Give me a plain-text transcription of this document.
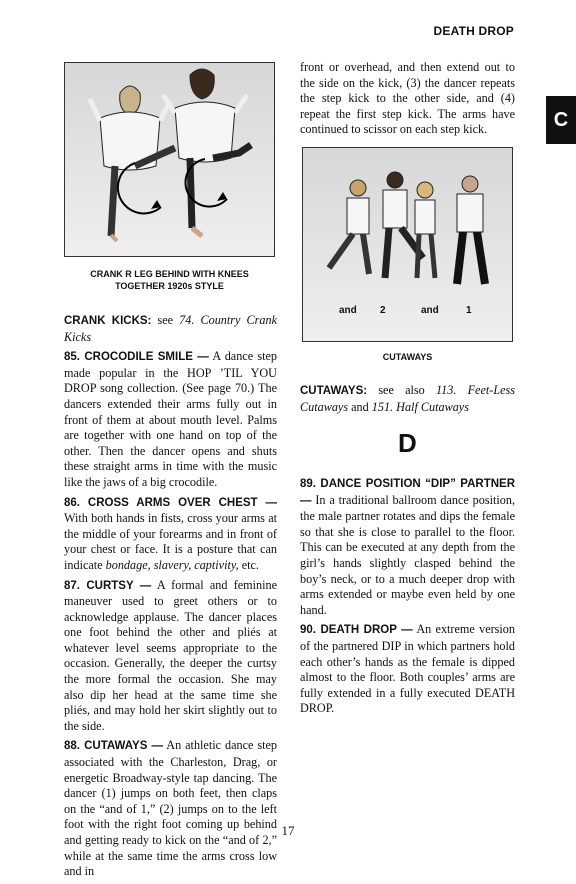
DEATH DROP
C
CRANK R LEG BEHIND WITH KNEES
TOGETHER 1920s STYLE

CRANK KICKS: see 74. Country Crank Kicks

85. CROCODILE SMILE — A dance step made popular in the HOP ’TIL YOU DROP song collection. (See page 70.) The dancers extended their arms fully out in front of them at about mouth level. Palms are together with one hand on top of the other. Then the dancer opens and shuts these straight arms in time with the music like the jaws of a big crocodile.

86. CROSS ARMS OVER CHEST — With both hands in fists, cross your arms at the middle of your forearms and in front of your chest or face. It is a posture that can indicate bondage, slavery, captivity, etc.

87. CURTSY — A formal and feminine maneuver used to greet others or to acknowledge applause. The dancer places one foot behind the other and pliés at whatever level seems appropriate to the occasion. Generally, the deeper the curtsy the more formal the occasion. She may also dip her head at the same time she pliés, and may hold her skirt slightly out to the side.

88. CUTAWAYS — An athletic dance step associated with the Charleston, Drag, or energetic Broadway-style tap dancing. The dancer (1) jumps on both feet, then claps on the “and of 1,” (2) jumps on to the left foot with the right foot coming up behind and getting ready to kick on the “and of 2,” while at the same time the arms cross low and in

front or overhead, and then extend out to the side on the kick, (3) the dancer repeats the step kick to the other side, and (4) repeat the first step kick. The arms have continued to scissor on each step kick.
and 2	and	1
CUTAWAYS
CUTAWAYS: see also 113. Feet-Less Cutaways and 151. Half Cutaways
D

89. DANCE POSITION “DIP” PARTNER — In a traditional ballroom dance position, the male partner rotates and dips the female so that she is close to parallel to the floor. This can be executed at any depth from the girl’s hands slightly clasped behind the boy’s neck, or to a much deeper drop with arms extended or maybe even held by one hand.

90. DEATH DROP — An extreme version of the partnered DIP in which partners hold each other’s hands as the female is dipped almost to the floor. Both couples’ arms are fully extended in a fully executed DEATH DROP.

17
